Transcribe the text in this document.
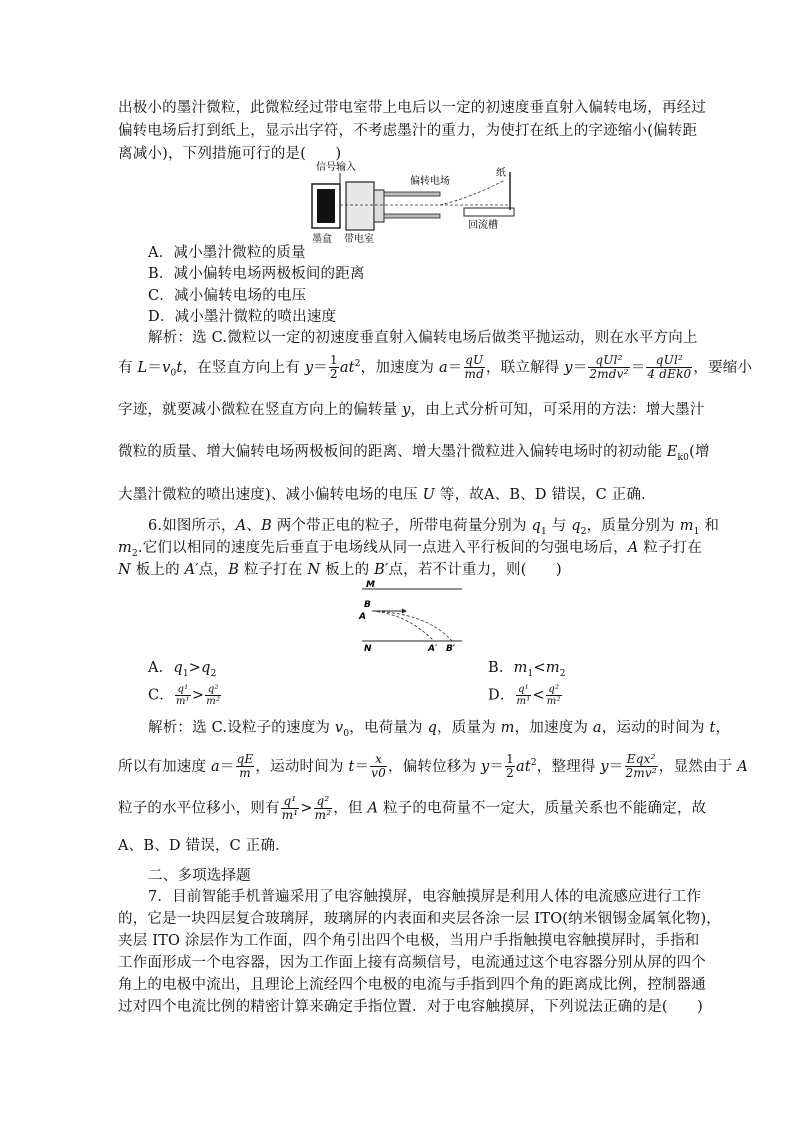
出极小的墨汁微粒，此微粒经过带电室带上电后以一定的初速度垂直射入偏转电场，再经过
偏转电场后打到纸上，显示出字符，不考虑墨汁的重力，为使打在纸上的字迹缩小(偏转距
离减小)，下列措施可行的是(　　)
信号输入
偏转电场
纸
回流槽
墨盒 带电室
A．减小墨汁微粒的质量
B．减小偏转电场两极板间的距离
C．减小偏转电场的电压
D．减小墨汁微粒的喷出速度
解析：选 C.微粒以一定的初速度垂直射入偏转电场后做类平抛运动，则在水平方向上
有 $L=v_0t$，在竖直方向上有 $y= \frac{1}{2} at^2$，加速度为 $a= \frac{qU}{md}$ ，联立解得 $y= \frac{\text{qUl²}}{\text{2mdv²}} = \frac{\text{qUl²}}{\text{4 dEk0}}$ ，要缩小
字迹，就要减小微粒在竖直方向上的偏转量 y，由上式分析可知，可采用的方法：增大墨汁
微粒的质量、增大偏转电场两极板间的距离、增大墨汁微粒进入偏转电场时的初动能 $E_{k0}$(增
大墨汁微粒的喷出速度)、减小偏转电场的电压 U 等，故A、B、D 错误，C 正确．
6.如图所示，A、B 两个带正电的粒子，所带电荷量分别为 $q_1$ 与 $q_2$，质量分别为 $m_1$ 和
$m_2$.它们以相同的速度先后垂直于电场线从同一点进入平行板间的匀强电场后，A 粒子打在
N 板上的 A′点，B 粒子打在 N 板上的 B′点，若不计重力，则(　　)
M
B
A
N	A′ B′
A．$q_1>q_2$	B．$m_1<m_2$
C． $\frac{\text{q¹}}{\text{m¹}} > \frac{\text{q²}}{\text{m²}}$	D． $\frac{\text{q¹}}{\text{m¹}} < \frac{\text{q²}}{\text{m²}}$
解析：选 C.设粒子的速度为 $v_0$，电荷量为 q，质量为 m，加速度为 a，运动的时间为 t，
所以有加速度 $a= \frac{qE}{m}$ ，运动时间为 $t= \frac{x}{v0}$ ，偏转位移为 $y= \frac{1}{2} at^2$，整理得 $y= \frac{\text{Eqx²}}{\text{2mv²}}$ ，显然由于 A
粒子的水平位移小，则有 $\frac{\text{q¹}}{\text{m¹}} > \frac{\text{q²}}{\text{m²}}$ ，但 A 粒子的电荷量不一定大，质量关系也不能确定，故
A、B、D 错误，C 正确．
二、多项选择题
7．目前智能手机普遍采用了电容触摸屏，电容触摸屏是利用人体的电流感应进行工作
的，它是一块四层复合玻璃屏，玻璃屏的内表面和夹层各涂一层 ITO(纳米铟锡金属氧化物)，
夹层 ITO 涂层作为工作面，四个角引出四个电极，当用户手指触摸电容触摸屏时，手指和
工作面形成一个电容器，因为工作面上接有高频信号，电流通过这个电容器分别从屏的四个
角上的电极中流出，且理论上流经四个电极的电流与手指到四个角的距离成比例，控制器通
过对四个电流比例的精密计算来确定手指位置．对于电容触摸屏，下列说法正确的是(　　)
